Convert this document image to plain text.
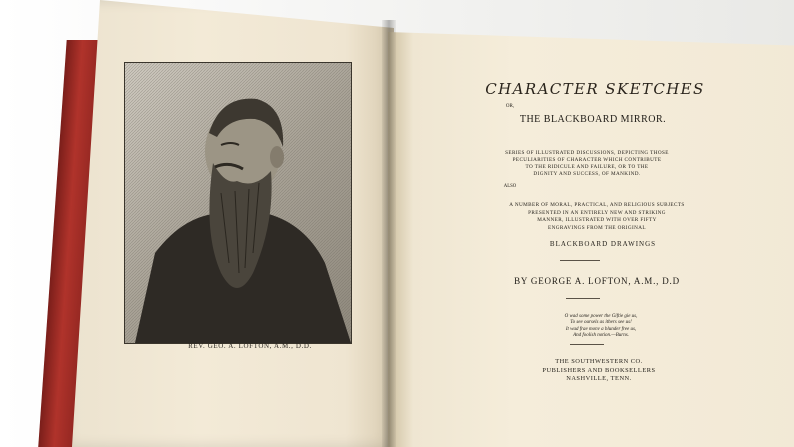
REV. GEO. A. LOFTON, A.M., D.D.
CHARACTER SKETCHES
OR,
THE BLACKBOARD MIRROR.
SERIES OF ILLUSTRATED DISCUSSIONS, DEPICTING THOSE
PECULIARITIES OF CHARACTER WHICH CONTRIBUTE
TO THE RIDICULE AND FAILURE, OR TO THE
DIGNITY AND SUCCESS, OF MANKIND.
ALSO
A NUMBER OF MORAL, PRACTICAL, AND RELIGIOUS SUBJECTS
PRESENTED IN AN ENTIRELY NEW AND STRIKING
MANNER, ILLUSTRATED WITH OVER FIFTY
ENGRAVINGS FROM THE ORIGINAL
BLACKBOARD DRAWINGS
BY GEORGE A. LOFTON, A.M., D.D
O wad some power the Giftie gie us,
To see oursels as ithers see us!
It wad frae monv a blunder free us,
And foolish notion.—Burns.
THE SOUTHWESTERN CO.
PUBLISHERS AND BOOKSELLERS
NASHVILLE, TENN.
